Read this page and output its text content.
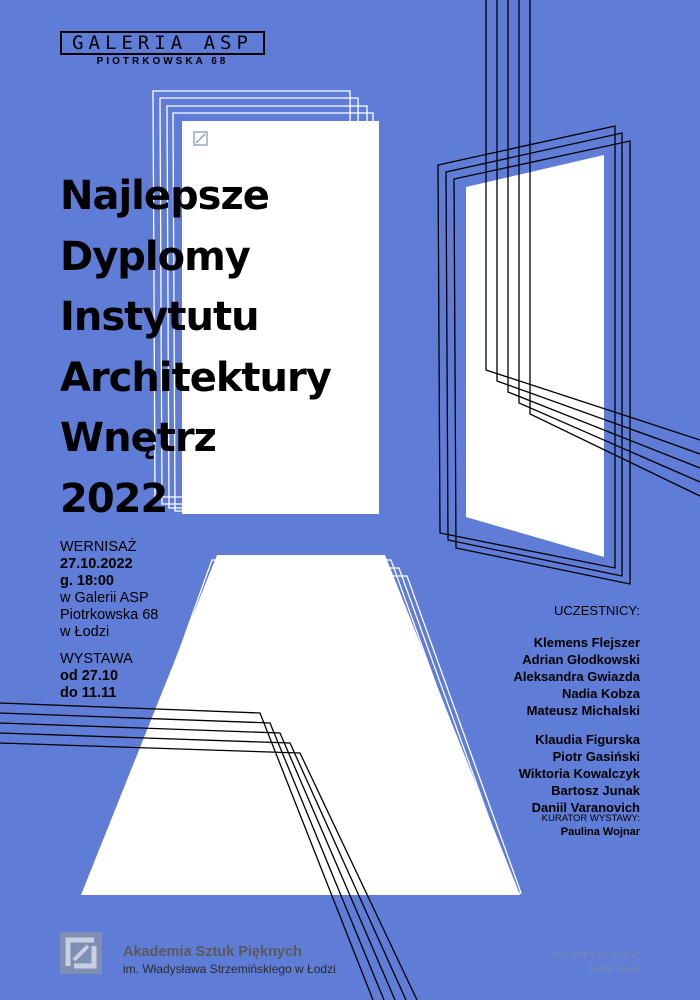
GALERIA ASP
PIOTRKOWSKA 68
Najlepsze
Dyplomy
Instytutu
Architektury
Wnętrz
2022
WERNISAŻ
27.10.2022
g. 18:00
w Galerii ASP
Piotrkowska 68
w Łodzi
WYSTAWA
od 27.10
do 11.11
UCZESTNICY:
Klemens Flejszer
Adrian Głodkowski
Aleksandra Gwiazda
Nadia Kobza
Mateusz Michalski
Klaudia Figurska
Piotr Gasiński
Wiktoria Kowalczyk
Bartosz Junak
Daniil Varanovich
KURATOR WYSTAWY:
Paulina Wojnar
Akademia Sztuk Pięknych
im. Władysława Strzemińskiego w Łodzi
AUTORKA PLAKATU:
Nadia Kobza
